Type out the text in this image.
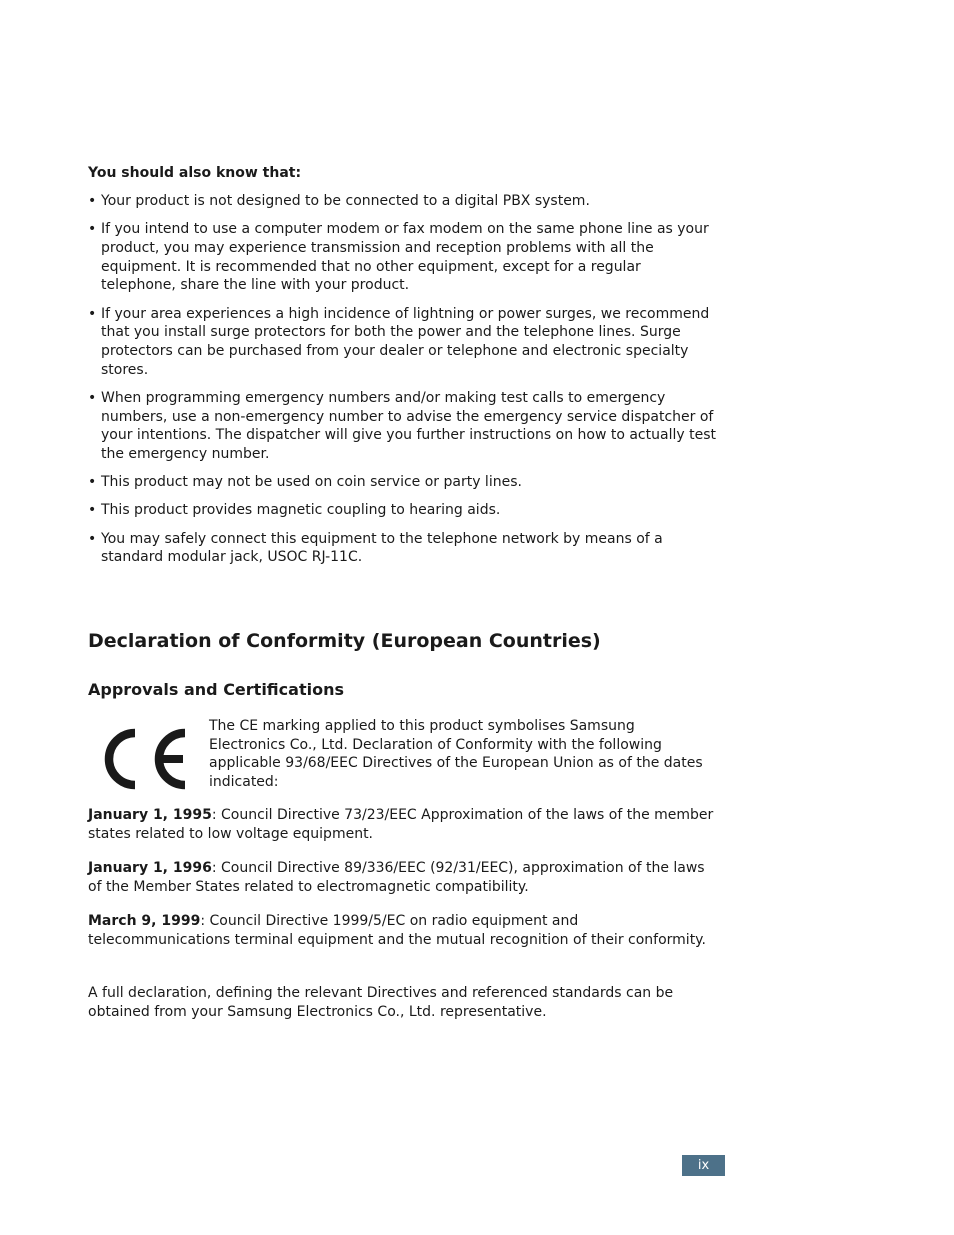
You should also know that:

• Your product is not designed to be connected to a digital PBX system.
• If you intend to use a computer modem or fax modem on the same phone line as your product, you may experience transmission and reception problems with all the equipment. It is recommended that no other equipment, except for a regular telephone, share the line with your product.
• If your area experiences a high incidence of lightning or power surges, we recommend that you install surge protectors for both the power and the telephone lines. Surge protectors can be purchased from your dealer or telephone and electronic specialty stores.
• When programming emergency numbers and/or making test calls to emergency numbers, use a non-emergency number to advise the emergency service dispatcher of your intentions. The dispatcher will give you further instructions on how to actually test the emergency number.
• This product may not be used on coin service or party lines.
• This product provides magnetic coupling to hearing aids.
• You may safely connect this equipment to the telephone network by means of a standard modular jack, USOC RJ-11C.
Declaration of Conformity (European Countries)
Approvals and Certifications

The CE marking applied to this product symbolises Samsung Electronics Co., Ltd. Declaration of Conformity with the following applicable 93/68/EEC Directives of the European Union as of the dates indicated:

January 1, 1995: Council Directive 73/23/EEC Approximation of the laws of the member states related to low voltage equipment.

January 1, 1996: Council Directive 89/336/EEC (92/31/EEC), approximation of the laws of the Member States related to electromagnetic compatibility.

March 9, 1999: Council Directive 1999/5/EC on radio equipment and telecommunications terminal equipment and the mutual recognition of their conformity.

A full declaration, defining the relevant Directives and referenced standards can be obtained from your Samsung Electronics Co., Ltd. representative.

ix
